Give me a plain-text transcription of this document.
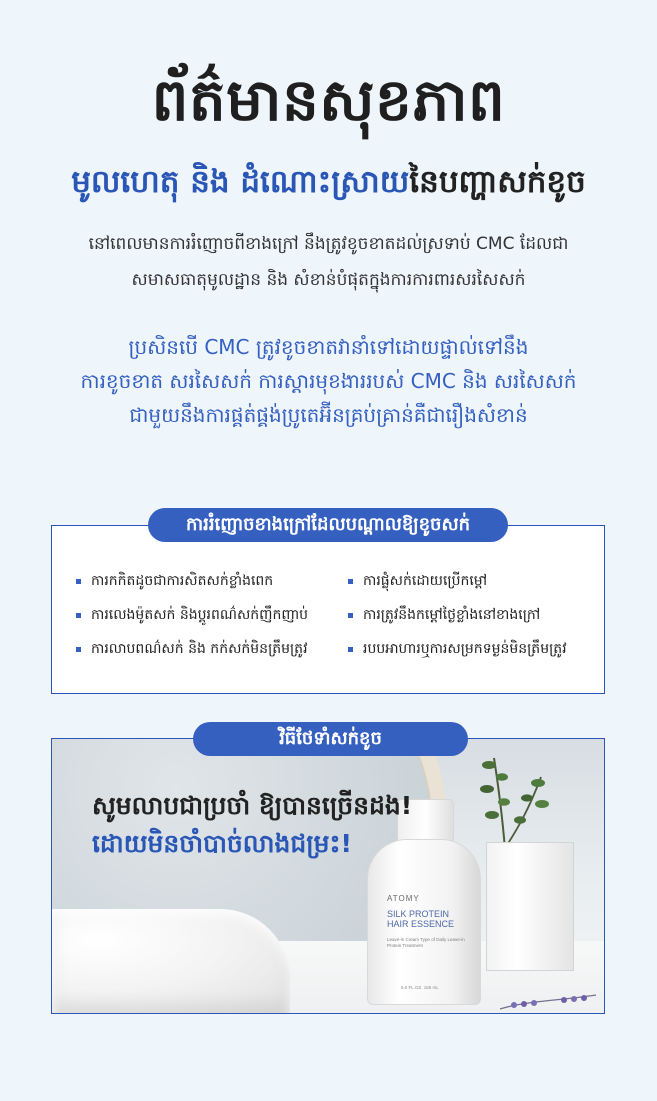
ព័ត៌មានសុខភាព
មូលហេតុ និង ដំណោះស្រាយនៃបញ្ហាសក់ខូច
នៅពេលមានការរំញោចពីខាងក្រៅ នឹងត្រូវខូចខាតដល់ស្រទាប់ CMC ដែលជា
សមាសធាតុមូលដ្ឋាន និង សំខាន់បំផុតក្នុងការការពារសរសៃសក់
ប្រសិនបើ CMC ត្រូវខូចខាតវានាំទៅដោយផ្ទាល់ទៅនឹង
ការខូចខាត សរសៃសក់ ការស្តារមុខងាររបស់ CMC និង សរសៃសក់
ជាមួយនឹងការផ្គត់ផ្គង់ប្រូតេអ៊ីនគ្រប់គ្រាន់គឺជារឿងសំខាន់
ការកកិតដូចជាការសិតសក់ខ្លាំងពេក	ការផ្លុំសក់ដោយប្រើកម្ដៅ
ការលេងម៉ូតសក់ និងប្ដូរពណ៌សក់ញឹកញាប់	ការត្រូវនឹងកម្ដៅថ្ងៃខ្លាំងនៅខាងក្រៅ
ការលាបពណ៌សក់ និង កក់សក់មិនត្រឹមត្រូវ	របបអាហារឬការសម្រកទម្ងន់មិនត្រឹមត្រូវ
ការរំញោចខាងក្រៅដែលបណ្តាលឱ្យខូចសក់
ATOMY
SILK PROTEIN HAIR ESSENCE
Leave-in Cream Type of Daily Leave-in Protein Treatment
5.0 FL.OZ. 155 mL
សូមលាបជាប្រចាំ ឱ្យបានច្រើនដង!
ដោយមិនចាំបាច់លាងជម្រះ!
វិធីថែទាំសក់ខូច
